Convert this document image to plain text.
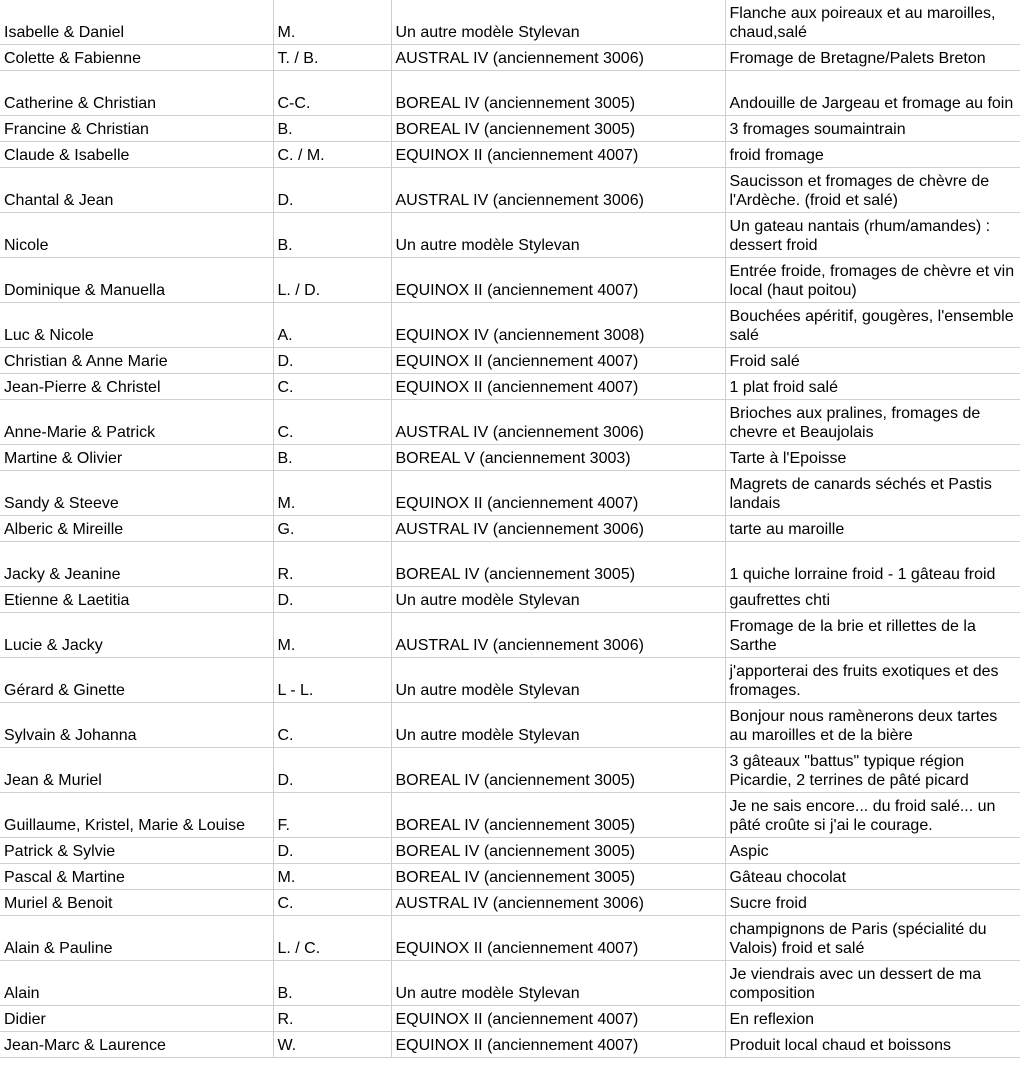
Isabelle & Daniel	M.	Un autre modèle Stylevan	Flanche aux poireaux et au maroilles, chaud,salé
Colette & Fabienne	T. / B.	AUSTRAL IV (anciennement 3006)	Fromage de Bretagne/Palets Breton
Catherine & Christian	C-C.	BOREAL IV (anciennement 3005)	Andouille de Jargeau et fromage au foin
Francine & Christian	B.	BOREAL IV (anciennement 3005)	3 fromages soumaintrain
Claude & Isabelle	C. / M.	EQUINOX II (anciennement 4007)	froid fromage
Chantal & Jean	D.	AUSTRAL IV (anciennement 3006)	Saucisson et fromages de chèvre de l'Ardèche. (froid et salé)
Nicole	B.	Un autre modèle Stylevan	Un gateau nantais (rhum/amandes) : dessert froid
Dominique & Manuella	L. / D.	EQUINOX II (anciennement 4007)	Entrée froide, fromages de chèvre et vin local (haut poitou)
Luc & Nicole	A.	EQUINOX IV (anciennement 3008)	Bouchées apéritif, gougères, l'ensemble salé
Christian & Anne Marie	D.	EQUINOX II (anciennement 4007)	Froid salé
Jean-Pierre & Christel	C.	EQUINOX II (anciennement 4007)	1 plat froid salé
Anne-Marie & Patrick	C.	AUSTRAL IV (anciennement 3006)	Brioches aux pralines, fromages de chevre et Beaujolais
Martine & Olivier	B.	BOREAL V (anciennement 3003)	Tarte à l'Epoisse
Sandy & Steeve	M.	EQUINOX II (anciennement 4007)	Magrets de canards séchés et Pastis landais
Alberic & Mireille	G.	AUSTRAL IV (anciennement 3006)	tarte au maroille
Jacky & Jeanine	R.	BOREAL IV (anciennement 3005)	1 quiche lorraine froid - 1 gâteau froid
Etienne & Laetitia	D.	Un autre modèle Stylevan	gaufrettes chti
Lucie & Jacky	M.	AUSTRAL IV (anciennement 3006)	Fromage de la brie et rillettes de la Sarthe
Gérard & Ginette	L - L.	Un autre modèle Stylevan	j'apporterai des fruits exotiques et des fromages.
Sylvain & Johanna	C.	Un autre modèle Stylevan	Bonjour nous ramènerons deux tartes au maroilles et de la bière
Jean & Muriel	D.	BOREAL IV (anciennement 3005)	3 gâteaux "battus" typique région Picardie, 2 terrines de pâté picard
Guillaume, Kristel, Marie & Louise	F.	BOREAL IV (anciennement 3005)	Je ne sais encore... du froid salé... un pâté croûte si j'ai le courage.
Patrick & Sylvie	D.	BOREAL IV (anciennement 3005)	Aspic
Pascal & Martine	M.	BOREAL IV (anciennement 3005)	Gâteau chocolat
Muriel & Benoit	C.	AUSTRAL IV (anciennement 3006)	Sucre froid
Alain & Pauline	L. / C.	EQUINOX II (anciennement 4007)	champignons de Paris (spécialité du Valois) froid et salé
Alain	B.	Un autre modèle Stylevan	Je viendrais avec un dessert de ma composition
Didier	R.	EQUINOX II (anciennement 4007)	En reflexion
Jean-Marc & Laurence	W.	EQUINOX II (anciennement 4007)	Produit local chaud et boissons
